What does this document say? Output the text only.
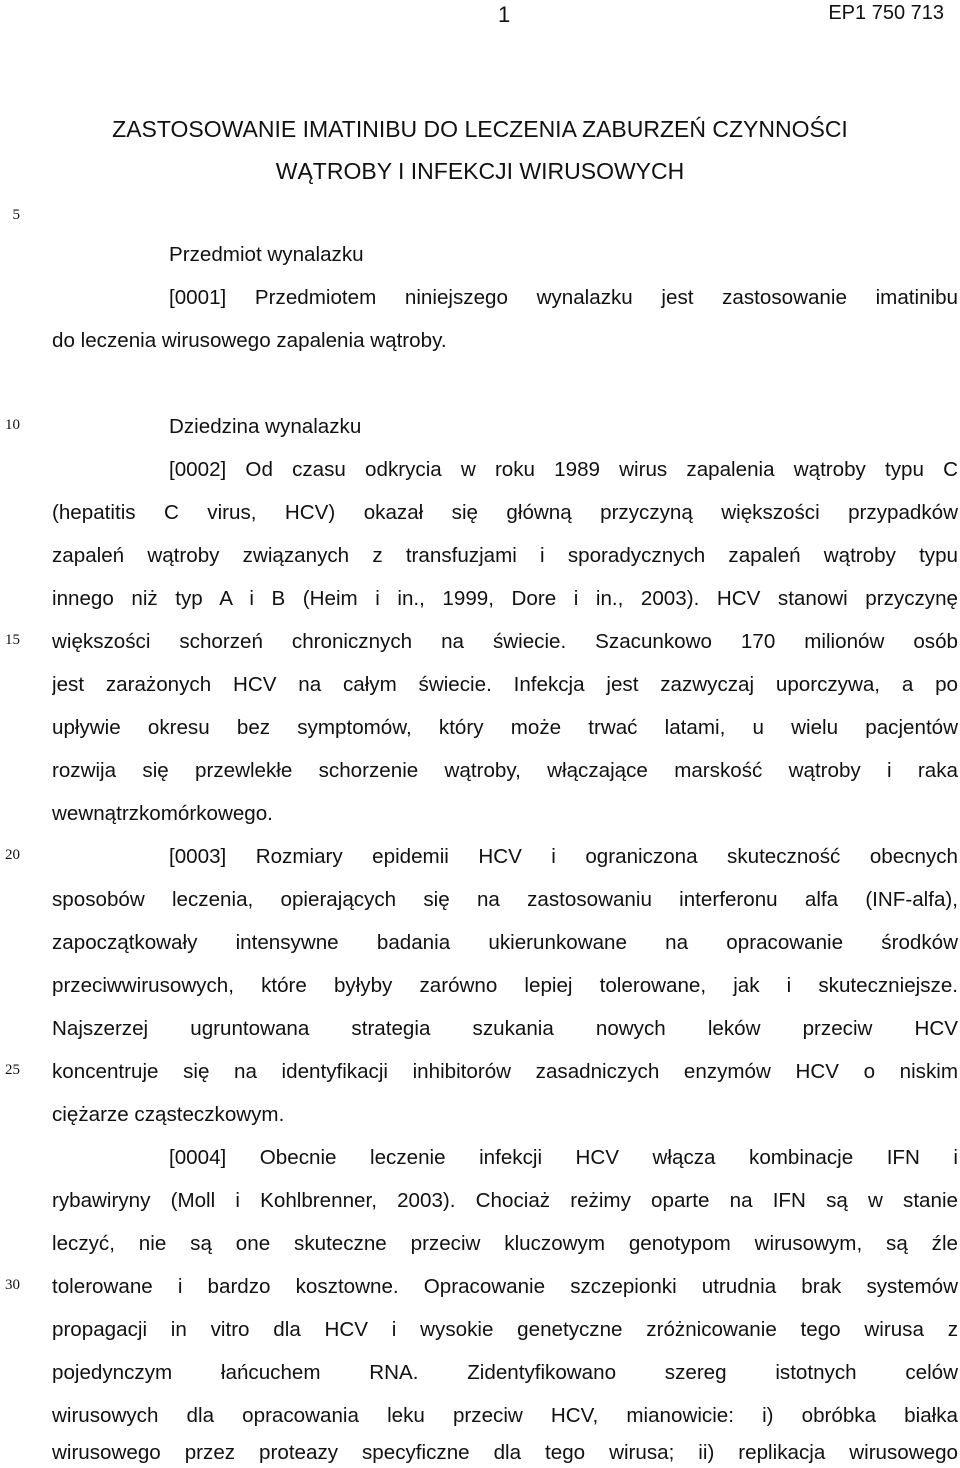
1	EP1 750 713
ZASTOSOWANIE IMATINIBU DO LECZENIA ZABURZEŃ CZYNNOŚCI
WĄTROBY I INFEKCJI WIRUSOWYCH
5
10
15
20
25
30
Przedmiot wynalazku
[0001] Przedmiotem niniejszego wynalazku jest zastosowanie imatinibu
do leczenia wirusowego zapalenia wątroby.
Dziedzina wynalazku
[0002] Od czasu odkrycia w roku 1989 wirus zapalenia wątroby typu C
(hepatitis C virus, HCV) okazał się główną przyczyną większości przypadków
zapaleń wątroby związanych z transfuzjami i sporadycznych zapaleń wątroby typu
innego niż typ A i B (Heim i in., 1999, Dore i in., 2003). HCV stanowi przyczynę
większości schorzeń chronicznych na świecie. Szacunkowo 170 milionów osób
jest zarażonych HCV na całym świecie. Infekcja jest zazwyczaj uporczywa, a po
upływie okresu bez symptomów, który może trwać latami, u wielu pacjentów
rozwija się przewlekłe schorzenie wątroby, włączające marskość wątroby i raka
wewnątrzkomórkowego.
[0003] Rozmiary epidemii HCV i ograniczona skuteczność obecnych
sposobów leczenia, opierających się na zastosowaniu interferonu alfa (INF-alfa),
zapoczątkowały intensywne badania ukierunkowane na opracowanie środków
przeciwwirusowych, które byłyby zarówno lepiej tolerowane, jak i skuteczniejsze.
Najszerzej ugruntowana strategia szukania nowych leków przeciw HCV
koncentruje się na identyfikacji inhibitorów zasadniczych enzymów HCV o niskim
ciężarze cząsteczkowym.
[0004] Obecnie leczenie infekcji HCV włącza kombinacje IFN i
rybawiryny (Moll i Kohlbrenner, 2003). Chociaż reżimy oparte na IFN są w stanie
leczyć, nie są one skuteczne przeciw kluczowym genotypom wirusowym, są źle
tolerowane i bardzo kosztowne. Opracowanie szczepionki utrudnia brak systemów
propagacji in vitro dla HCV i wysokie genetyczne zróżnicowanie tego wirusa z
pojedynczym łańcuchem RNA. Zidentyfikowano szereg istotnych celów
wirusowych dla opracowania leku przeciw HCV, mianowicie: i) obróbka białka
wirusowego przez proteazy specyficzne dla tego wirusa; ii) replikacja wirusowego
